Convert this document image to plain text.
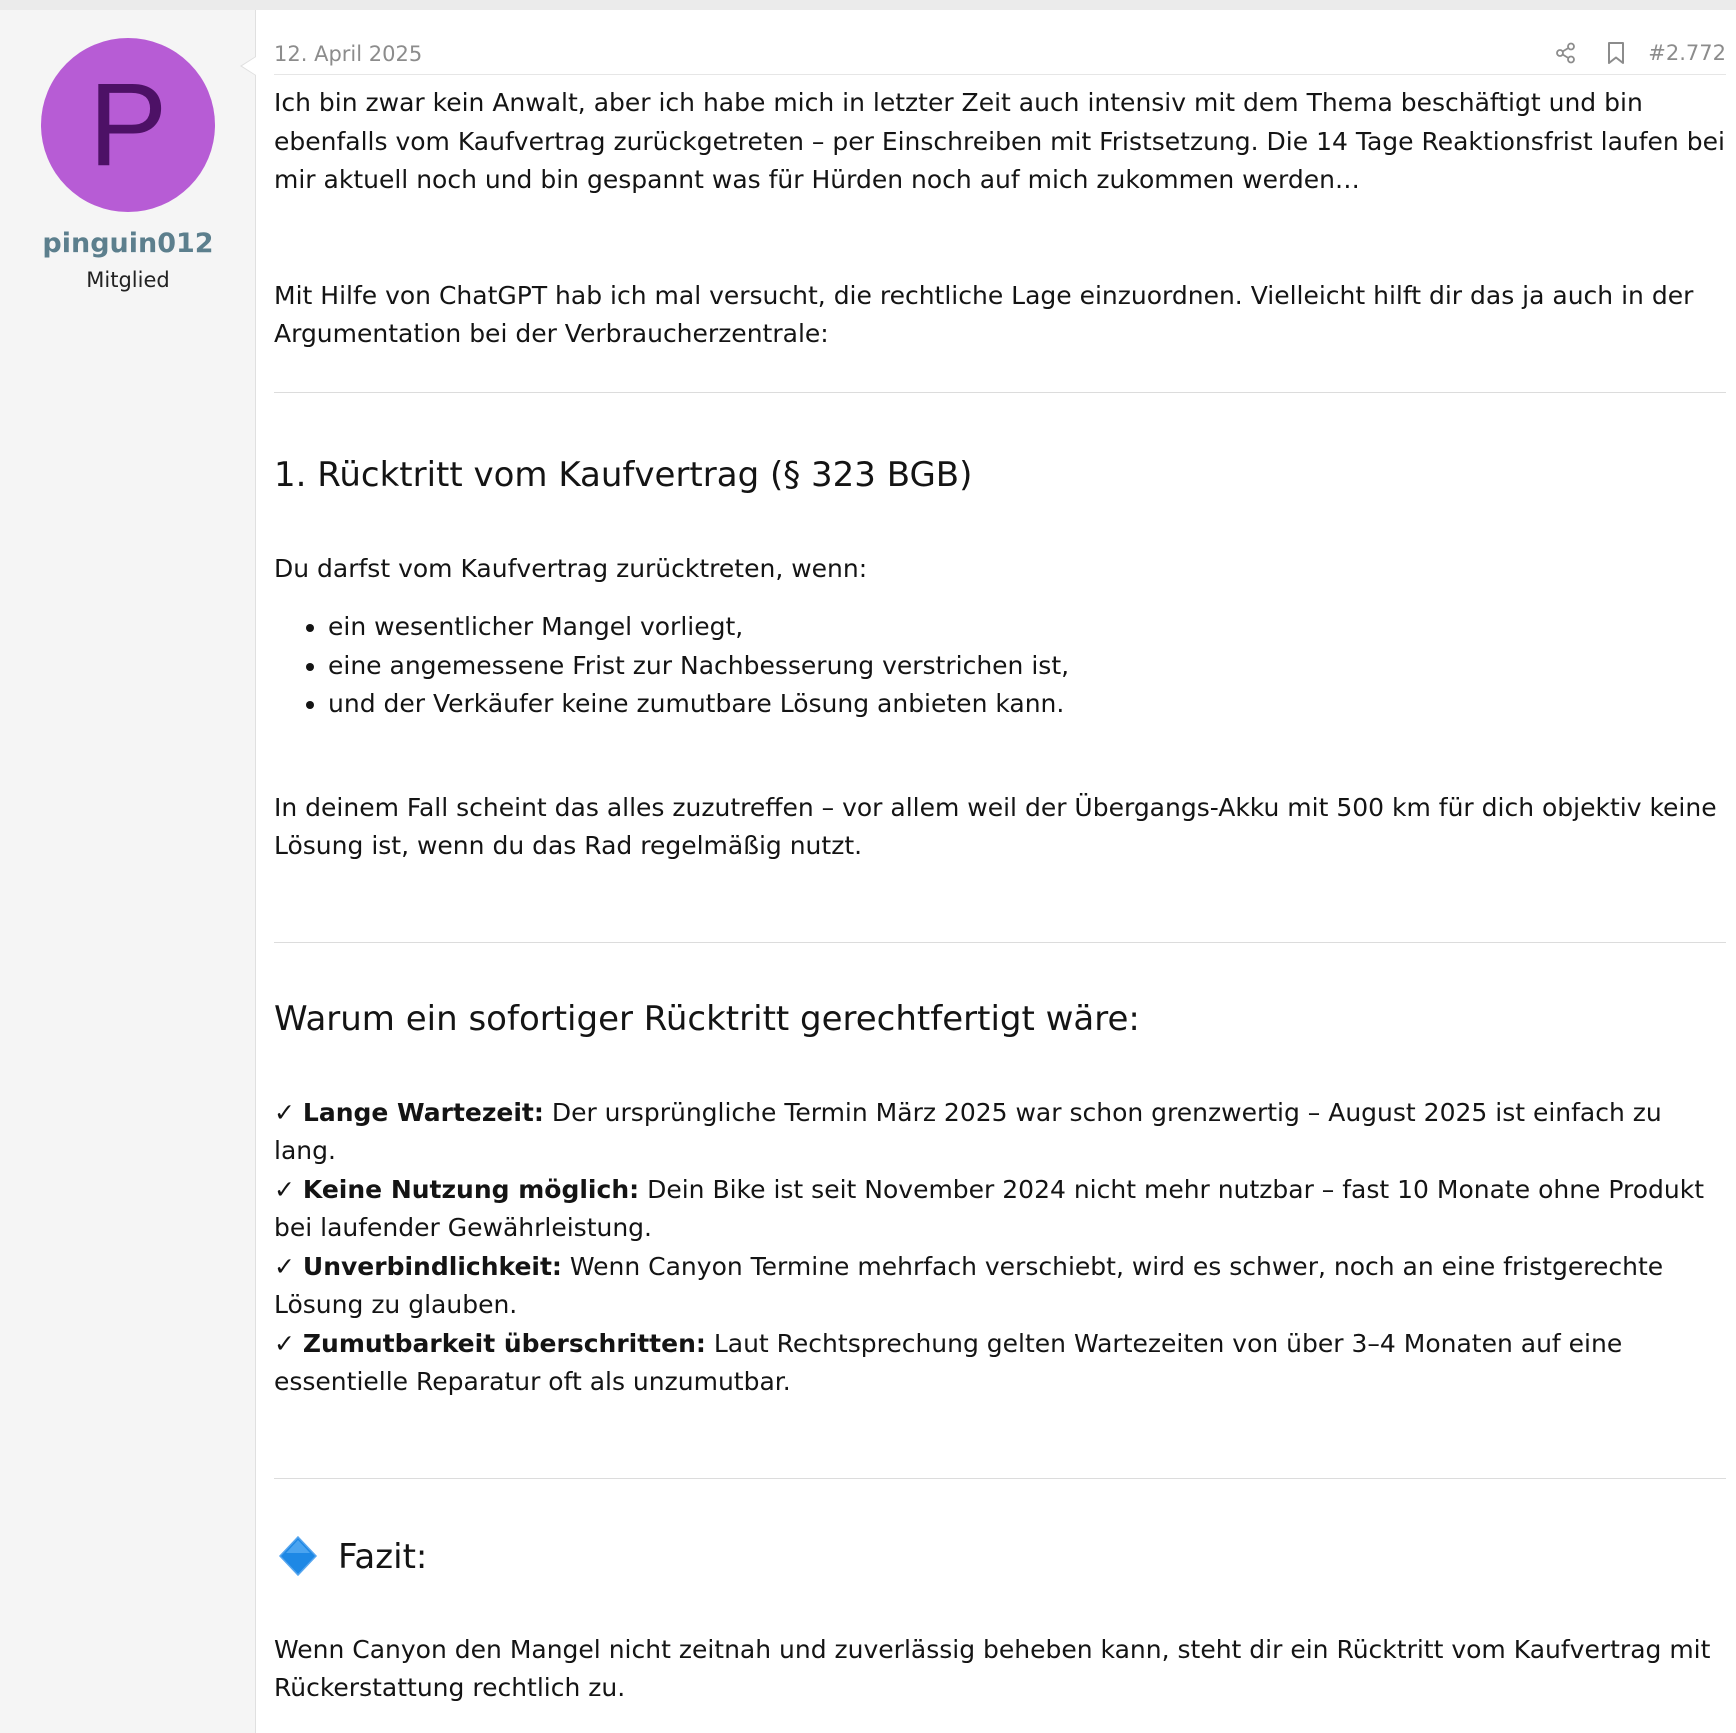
P
pinguin012
Mitglied
12. April 2025	#2.772

Ich bin zwar kein Anwalt, aber ich habe mich in letzter Zeit auch intensiv mit dem Thema beschäftigt und bin ebenfalls vom Kaufvertrag zurückgetreten – per Einschreiben mit Fristsetzung. Die 14 Tage Reaktionsfrist laufen bei mir aktuell noch und bin gespannt was für Hürden noch auf mich zukommen werden…

Mit Hilfe von ChatGPT hab ich mal versucht, die rechtliche Lage einzuordnen. Vielleicht hilft dir das ja auch in der Argumentation bei der Verbraucherzentrale:

1. Rücktritt vom Kaufvertrag (§ 323 BGB)

Du darfst vom Kaufvertrag zurücktreten, wenn:

• ein wesentlicher Mangel vorliegt,
• eine angemessene Frist zur Nachbesserung verstrichen ist,
• und der Verkäufer keine zumutbare Lösung anbieten kann.

In deinem Fall scheint das alles zuzutreffen – vor allem weil der Übergangs-Akku mit 500 km für dich objektiv keine Lösung ist, wenn du das Rad regelmäßig nutzt.

Warum ein sofortiger Rücktritt gerechtfertigt wäre:

✓ Lange Wartezeit: Der ursprüngliche Termin März 2025 war schon grenzwertig – August 2025 ist einfach zu lang.

✓ Keine Nutzung möglich: Dein Bike ist seit November 2024 nicht mehr nutzbar – fast 10 Monate ohne Produkt bei laufender Gewährleistung.

✓ Unverbindlichkeit: Wenn Canyon Termine mehrfach verschiebt, wird es schwer, noch an eine fristgerechte Lösung zu glauben.

✓ Zumutbarkeit überschritten: Laut Rechtsprechung gelten Wartezeiten von über 3–4 Monaten auf eine essentielle Reparatur oft als unzumutbar.

Fazit:

Wenn Canyon den Mangel nicht zeitnah und zuverlässig beheben kann, steht dir ein Rücktritt vom Kaufvertrag mit Rückerstattung rechtlich zu.
